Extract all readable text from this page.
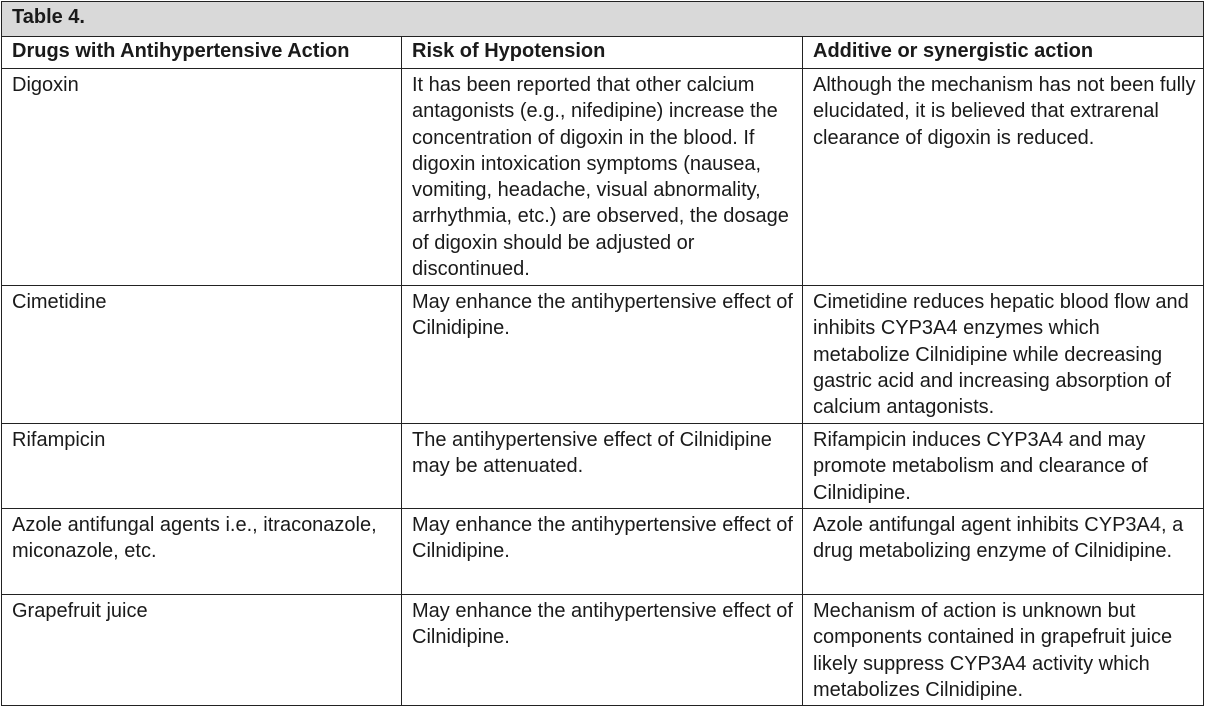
Table 4.		
Drugs with Antihypertensive Action	Risk of Hypotension	Additive or synergistic action
Digoxin	It has been reported that other calcium antagonists (e.g., nifedipine) increase the concentration of digoxin in the blood. If digoxin intoxication symptoms (nausea, vomiting, headache, visual abnormality, arrhythmia, etc.) are observed, the dosage of digoxin should be adjusted or discontinued.	Although the mechanism has not been fully elucidated, it is believed that extrarenal clearance of digoxin is reduced.
Cimetidine	May enhance the antihypertensive effect of Cilnidipine.	Cimetidine reduces hepatic blood flow and inhibits CYP3A4 enzymes which metabolize Cilnidipine while decreasing gastric acid and increasing absorption of calcium antagonists.
Rifampicin	The antihypertensive effect of Cilnidipine may be attenuated.	Rifampicin induces CYP3A4 and may promote metabolism and clearance of Cilnidipine.
Azole antifungal agents i.e., itraconazole, miconazole, etc.	May enhance the antihypertensive effect of Cilnidipine.	Azole antifungal agent inhibits CYP3A4, a drug metabolizing enzyme of Cilnidipine.
Grapefruit juice	May enhance the antihypertensive effect of Cilnidipine.	Mechanism of action is unknown but components contained in grapefruit juice likely suppress CYP3A4 activity which metabolizes Cilnidipine.
